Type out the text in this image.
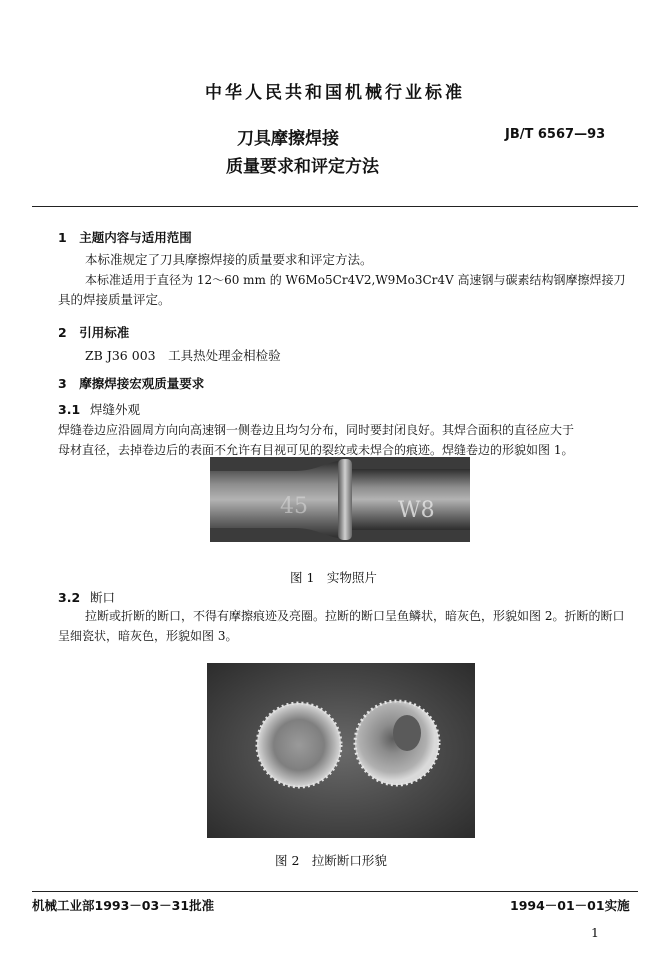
中华人民共和国机械行业标准
刀具摩擦焊接
质量要求和评定方法
JB/T 6567—93
1　主题内容与适用范围
本标准规定了刀具摩擦焊接的质量要求和评定方法。
本标准适用于直径为 12～60 mm 的 W6Mo5Cr4V2,W9Mo3Cr4V 高速钢与碳素结构钢摩擦焊接刀
具的焊接质量评定。
2　引用标准
ZB J36 003　工具热处理金相检验
3　摩擦焊接宏观质量要求
3.1 焊缝外观
焊缝卷边应沿圆周方向向高速钢一侧卷边且均匀分布，同时要封闭良好。其焊合面积的直径应大于
母材直径，去掉卷边后的表面不允许有目视可见的裂纹或未焊合的痕迹。焊缝卷边的形貌如图 1。
45	W8
图 1　实物照片
3.2 断口
拉断或折断的断口，不得有摩擦痕迹及亮圈。拉断的断口呈鱼鳞状，暗灰色，形貌如图 2。折断的断口
呈细瓷状，暗灰色，形貌如图 3。
图 2　拉断断口形貌
机械工业部1993－03－31批准	1994－01－01实施
1
